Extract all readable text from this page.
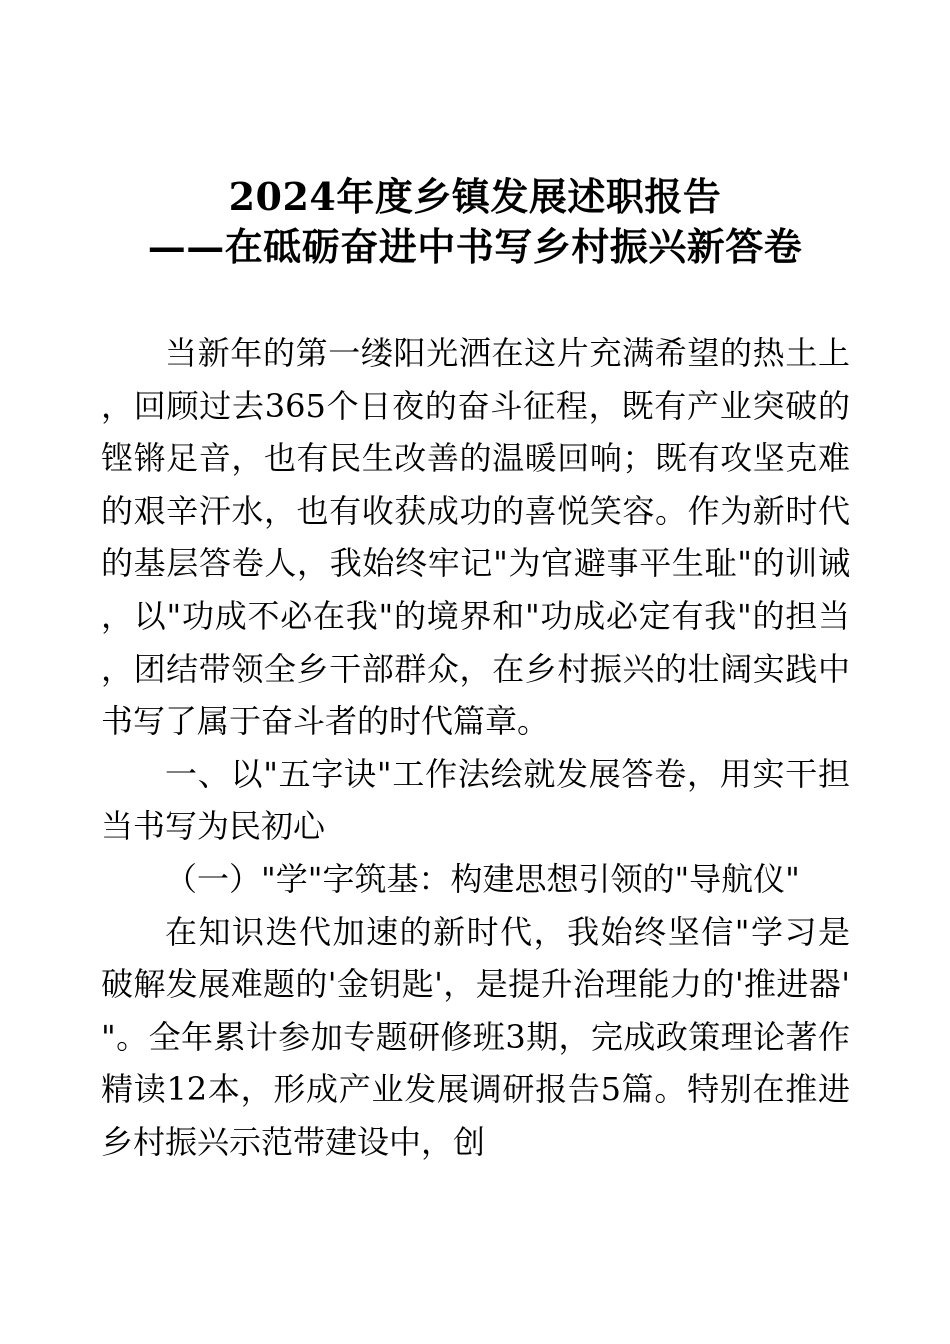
2024年度乡镇发展述职报告
——在砥砺奋进中书写乡村振兴新答卷

当新年的第一缕阳光洒在这片充满希望的热土上，回顾过去365个日夜的奋斗征程，既有产业突破的铿锵足音，也有民生改善的温暖回响；既有攻坚克难的艰辛汗水，也有收获成功的喜悦笑容。作为新时代的基层答卷人，我始终牢记"为官避事平生耻"的训诫，以"功成不必在我"的境界和"功成必定有我"的担当，团结带领全乡干部群众，在乡村振兴的壮阔实践中书写了属于奋斗者的时代篇章。

一、以"五字诀"工作法绘就发展答卷，用实干担当书写为民初心

（一）"学"字筑基：构建思想引领的"导航仪"

在知识迭代加速的新时代，我始终坚信"学习是破解发展难题的'金钥匙'，是提升治理能力的'推进器'"。全年累计参加专题研修班3期，完成政策理论著作精读12本，形成产业发展调研报告5篇。特别在推进乡村振兴示范带建设中，创
